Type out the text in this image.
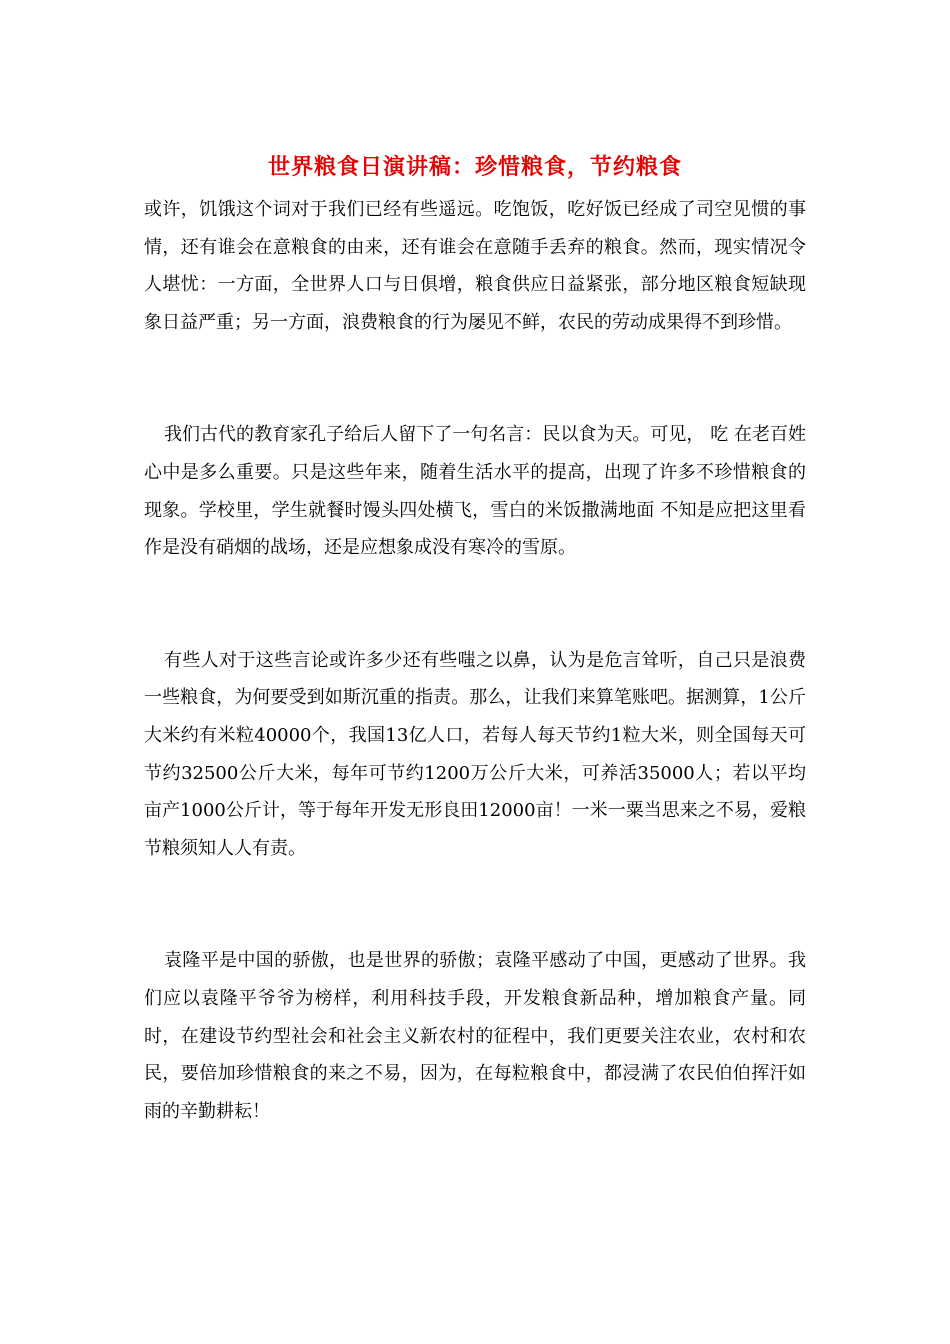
世界粮食日演讲稿：珍惜粮食，节约粮食

或许，饥饿这个词对于我们已经有些遥远。吃饱饭，吃好饭已经成了司空见惯的事情，还有谁会在意粮食的由来，还有谁会在意随手丢弃的粮食。然而，现实情况令人堪忧：一方面，全世界人口与日俱增，粮食供应日益紧张，部分地区粮食短缺现象日益严重；另一方面，浪费粮食的行为屡见不鲜，农民的劳动成果得不到珍惜。

我们古代的教育家孔子给后人留下了一句名言：民以食为天。可见， 吃 在老百姓心中是多么重要。只是这些年来，随着生活水平的提高，出现了许多不珍惜粮食的现象。学校里，学生就餐时馒头四处横飞，雪白的米饭撒满地面 不知是应把这里看作是没有硝烟的战场，还是应想象成没有寒冷的雪原。

有些人对于这些言论或许多少还有些嗤之以鼻，认为是危言耸听，自己只是浪费一些粮食，为何要受到如斯沉重的指责。那么，让我们来算笔账吧。据测算，1公斤大米约有米粒40000个，我国13亿人口，若每人每天节约1粒大米，则全国每天可节约32500公斤大米，每年可节约1200万公斤大米，可养活35000人；若以平均亩产1000公斤计，等于每年开发无形良田12000亩！一米一粟当思来之不易，爱粮节粮须知人人有责。

袁隆平是中国的骄傲，也是世界的骄傲；袁隆平感动了中国，更感动了世界。我们应以袁隆平爷爷为榜样，利用科技手段，开发粮食新品种，增加粮食产量。同时，在建设节约型社会和社会主义新农村的征程中，我们更要关注农业，农村和农民，要倍加珍惜粮食的来之不易，因为，在每粒粮食中，都浸满了农民伯伯挥汗如雨的辛勤耕耘！
